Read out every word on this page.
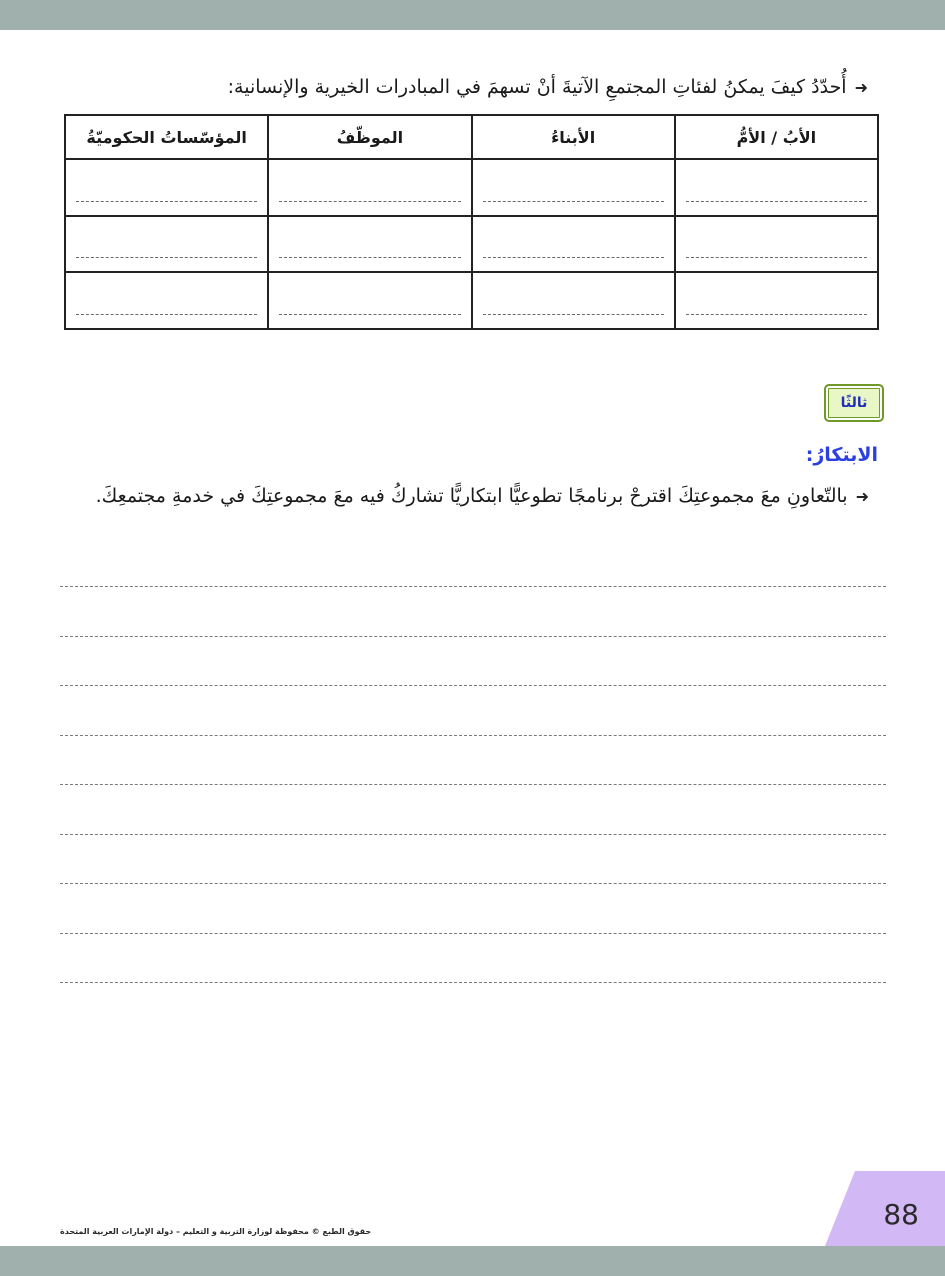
➜أُحدّدُ كيفَ يمكنُ لفئاتِ المجتمعِ الآتيةَ أنْ تسهمَ في المبادرات الخيرية والإنسانية:
الأبُ / الأمُّ	الأبناءُ	الموظّفُ	المؤسّساتُ الحكوميّةُ

ثالثًا
الابتكارُ:
➜بالتّعاونِ معَ مجموعتِكَ اقترحْ برنامجًا تطوعيًّا ابتكاريًّا تشاركُ فيه معَ مجموعتِكَ في خدمةِ مجتمعِكَ.
حقوق الطبع © محفوظة لوزارة التربية و التعليم – دولة الإمارات العربية المتحدة
88
